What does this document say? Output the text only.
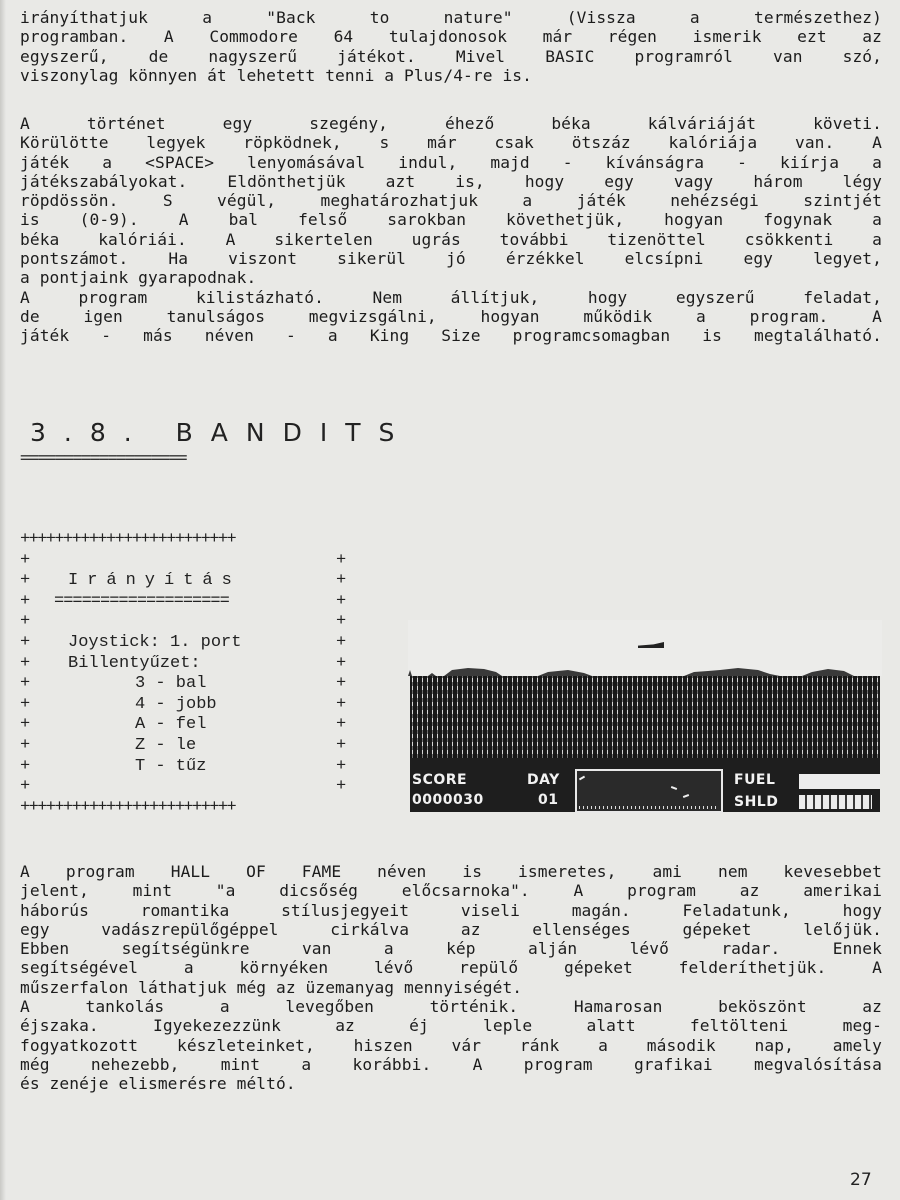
irányíthatjuk a "Back to nature" (Vissza a természethez)
programban. A Commodore 64 tulajdonosok már régen ismerik ezt az
egyszerű, de nagyszerű játékot. Mivel BASIC programról van szó,
viszonylag könnyen át lehetett tenni a Plus/4-re is.
A történet egy szegény, éhező béka kálváriáját követi.
Körülötte legyek röpködnek, s már csak ötszáz kalóriája van. A
játék a <SPACE> lenyomásával indul, majd - kívánságra - kiírja a
játékszabályokat. Eldönthetjük azt is, hogy egy vagy három légy
röpdössön. S végül, meghatározhatjuk a játék nehézségi szintjét
is (0-9). A bal felső sarokban követhetjük, hogyan fogynak a
béka kalóriái. A sikertelen ugrás további tizenöttel csökkenti a
pontszámot. Ha viszont sikerül jó érzékkel elcsípni egy legyet,
a pontjaink gyarapodnak.
A program kilistázható. Nem állítjuk, hogy egyszerű feladat,
de igen tanulságos megvizsgálni, hogyan működik a program. A
játék - más néven - a King Size programcsomagban is megtalálható.
3.8. BANDITS
===================
+++++++++++++++++++++++++
+	+
+ Irányítás	+
+ ===================	+
+	+
+ Joystick: 1. port	+
+ Billentyűzet:	+
+	3 - bal	+
+	4 - jobb	+
+	A - fel	+
+	Z - le	+
+	T - tűz	+
+	+
+++++++++++++++++++++++++
SCORE
0000030
DAY
01
FUEL
SHLD
A program HALL OF FAME néven is ismeretes, ami nem kevesebbet
jelent, mint "a dicsőség előcsarnoka". A program az amerikai
háborús romantika stílusjegyeit viseli magán. Feladatunk, hogy
egy vadászrepülőgéppel cirkálva az ellenséges gépeket lelőjük.
Ebben segítségünkre van a kép alján lévő radar. Ennek
segítségével a környéken lévő repülő gépeket felderíthetjük. A
műszerfalon láthatjuk még az üzemanyag mennyiségét.
A tankolás a levegőben történik. Hamarosan beköszönt az
éjszaka. Igyekezezzünk az éj leple alatt feltölteni meg-
fogyatkozott készleteinket, hiszen vár ránk a második nap, amely
még nehezebb, mint a korábbi. A program grafikai megvalósítása
és zenéje elismerésre méltó.
27
